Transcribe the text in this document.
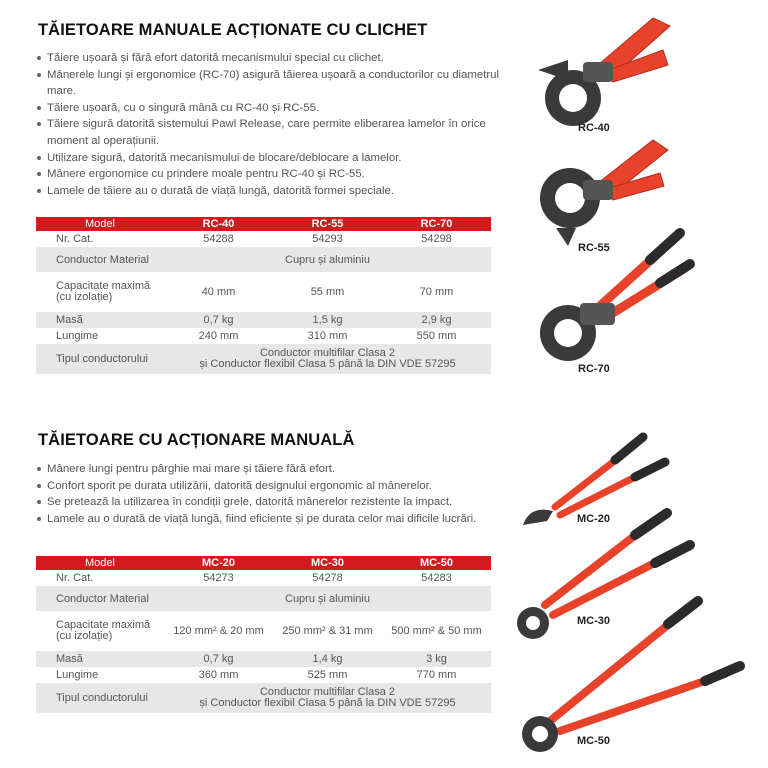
TĂIETOARE MANUALE ACȚIONATE CU CLICHET
Tăiere ușoară și fără efort datorită mecanismului special cu clichet.
Mânerele lungi și ergonomice (RC-70) asigură tăierea ușoară a conductorilor cu diametrul mare.
Tăiere ușoară, cu o singură mână cu RC-40 și RC-55.
Tăiere sigură datorită sistemului Pawl Release, care permite eliberarea lamelor în orice moment al operațiunii.
Utilizare sigură, datorită mecanismului de blocare/deblocare a lamelor.
Mânere ergonomice cu prindere moale pentru RC-40 și RC-55.
Lamele de tăiere au o durată de viață lungă, datorită formei speciale.
Model	RC-40	RC-55	RC-70
Nr. Cat.	54288	54293	54298
Conductor Material	Cupru și aluminiu		
Capacitate maximă
(cu izolație)	40 mm	55 mm	70 mm
Masă	0,7 kg	1,5 kg	2,9 kg
Lungime	240 mm	310 mm	550 mm
Tipul conductorului	Conductor multifilar Clasa 2
și Conductor flexibil Clasa 5 până la DIN VDE 57295		
RC-40
RC-55
RC-70
TĂIETOARE CU ACȚIONARE MANUALĂ
Mânere lungi pentru pârghie mai mare și tăiere fără efort.
Confort sporit pe durata utilizării, datorită designului ergonomic al mânerelor.
Se pretează la utilizarea în condiții grele, datorită mânerelor rezistente la impact.
Lamele au o durată de viață lungă, fiind eficiente și pe durata celor mai dificile lucrări.
Model	MC-20	MC-30	MC-50
Nr. Cat.	54273	54278	54283
Conductor Material	Cupru și aluminiu		
Capacitate maximă
(cu izolație)	120 mm² & 20 mm	250 mm² & 31 mm	500 mm² & 50 mm
Masă	0,7 kg	1,4 kg	3 kg
Lungime	360 mm	525 mm	770 mm
Tipul conductorului	Conductor multifilar Clasa 2
și Conductor flexibil Clasa 5 până la DIN VDE 57295		
MC-20
MC-30
MC-50
